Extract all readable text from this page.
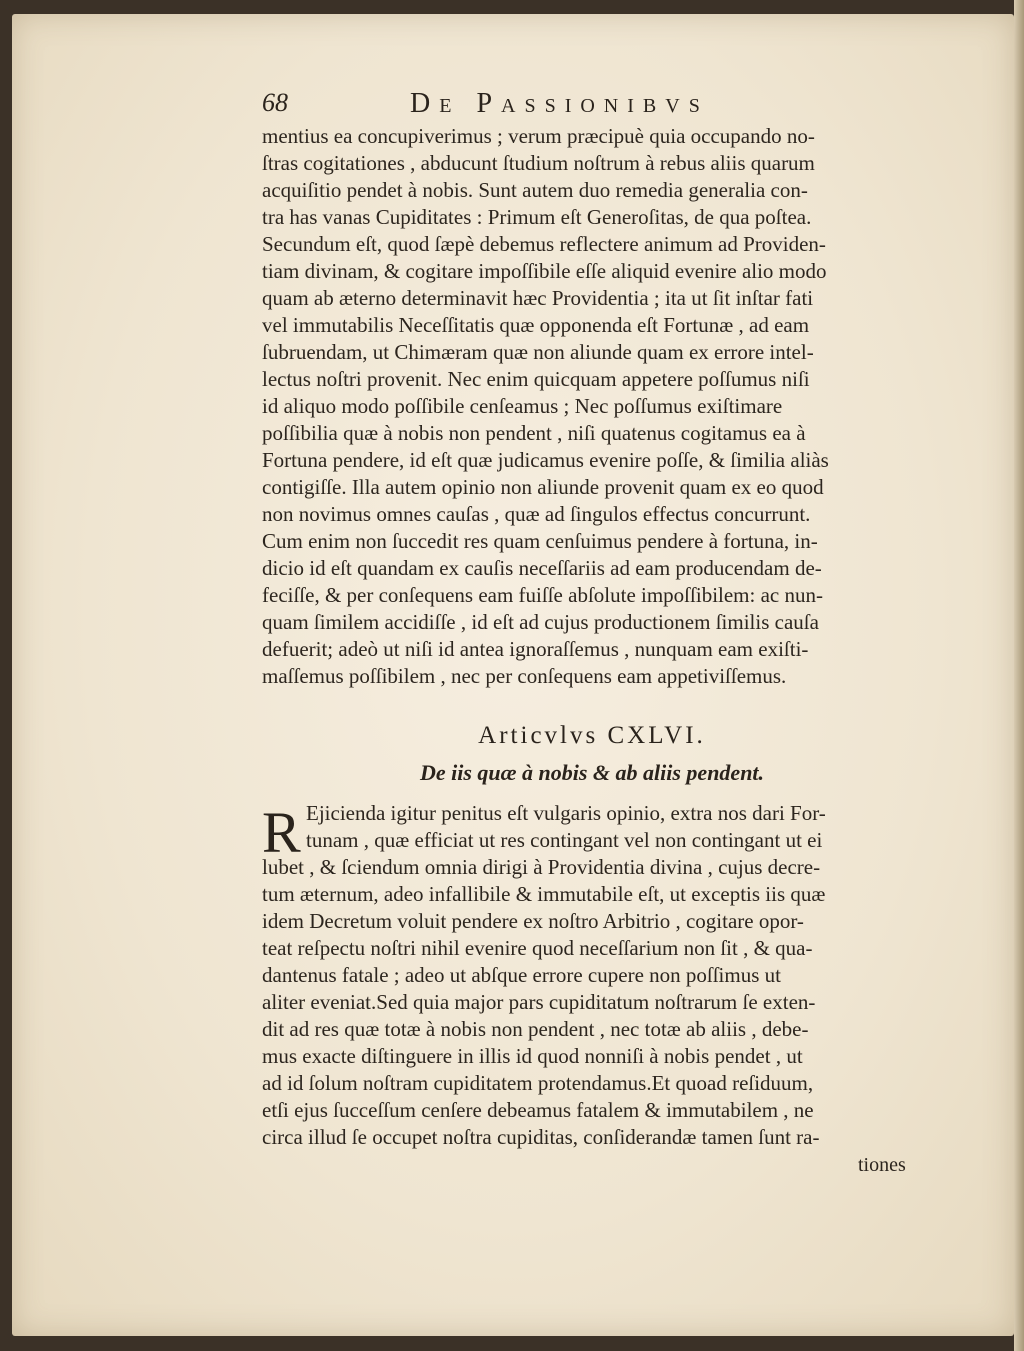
68	De Passionibvs
mentius ea concupiverimus ; verum præcipuè quia occupando no-
ſtras cogitationes , abducunt ſtudium noſtrum à rebus aliis quarum
acquiſitio pendet à nobis. Sunt autem duo remedia generalia con-
tra has vanas Cupiditates : Primum eſt Generoſitas, de qua poſtea.
Secundum eſt, quod ſæpè debemus reflectere animum ad Providen-
tiam divinam, & cogitare impoſſibile eſſe aliquid evenire alio modo
quam ab æterno determinavit hæc Providentia ; ita ut ſit inſtar fati
vel immutabilis Neceſſitatis quæ opponenda eſt Fortunæ , ad eam
ſubruendam, ut Chimæram quæ non aliunde quam ex errore intel-
lectus noſtri provenit. Nec enim quicquam appetere poſſumus niſi
id aliquo modo poſſibile cenſeamus ; Nec poſſumus exiſtimare
poſſibilia quæ à nobis non pendent , niſi quatenus cogitamus ea à
Fortuna pendere, id eſt quæ judicamus evenire poſſe, & ſimilia aliàs
contigiſſe. Illa autem opinio non aliunde provenit quam ex eo quod
non novimus omnes cauſas , quæ ad ſingulos effectus concurrunt.
Cum enim non ſuccedit res quam cenſuimus pendere à fortuna, in-
dicio id eſt quandam ex cauſis neceſſariis ad eam producendam de-
feciſſe, & per conſequens eam fuiſſe abſolute impoſſibilem: ac nun-
quam ſimilem accidiſſe , id eſt ad cujus productionem ſimilis cauſa
defuerit; adeò ut niſi id antea ignoraſſemus , nunquam eam exiſti-
maſſemus poſſibilem , nec per conſequens eam appetiviſſemus.
Articvlvs CXLVI.
De iis quæ à nobis & ab aliis pendent.
R Ejicienda igitur penitus eſt vulgaris opinio, extra nos dari For-
tunam , quæ efficiat ut res contingant vel non contingant ut ei
lubet , & ſciendum omnia dirigi à Providentia divina , cujus decre-
tum æternum, adeo infallibile & immutabile eſt, ut exceptis iis quæ
idem Decretum voluit pendere ex noſtro Arbitrio , cogitare opor-
teat reſpectu noſtri nihil evenire quod neceſſarium non ſit , & qua-
dantenus fatale ; adeo ut abſque errore cupere non poſſimus ut
aliter eveniat.Sed quia major pars cupiditatum noſtrarum ſe exten-
dit ad res quæ totæ à nobis non pendent , nec totæ ab aliis , debe-
mus exacte diſtinguere in illis id quod nonniſi à nobis pendet , ut
ad id ſolum noſtram cupiditatem protendamus.Et quoad reſiduum,
etſi ejus ſucceſſum cenſere debeamus fatalem & immutabilem , ne
circa illud ſe occupet noſtra cupiditas, conſiderandæ tamen ſunt ra-
tiones
